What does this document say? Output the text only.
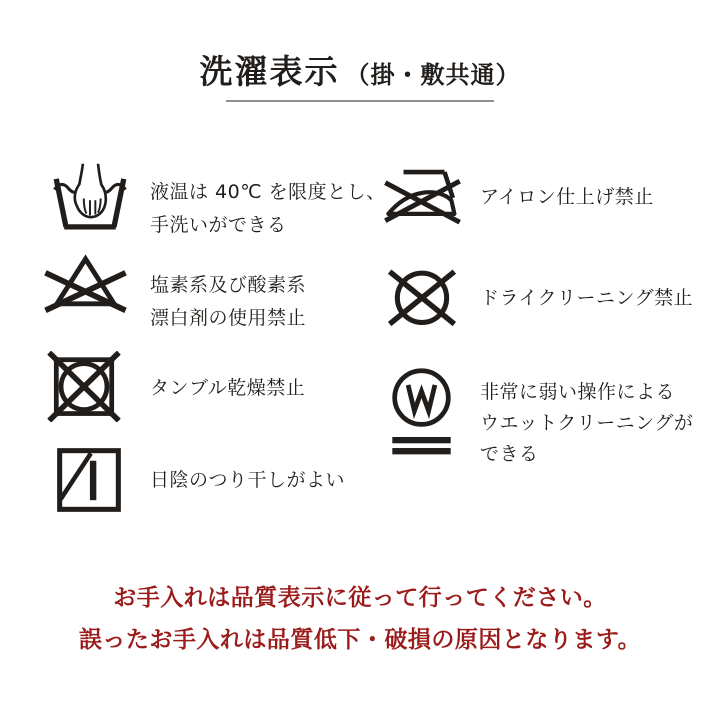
洗濯表示 （掛・敷共通）
液温は 40℃ を限度とし、
手洗いができる
塩素系及び酸素系
漂白剤の使用禁止
タンブル乾燥禁止
日陰のつり干しがよい
アイロン仕上げ禁止
ドライクリーニング禁止
非常に弱い操作による
ウエットクリーニングが
できる
お手入れは品質表示に従って行ってください。
誤ったお手入れは品質低下・破損の原因となります。
